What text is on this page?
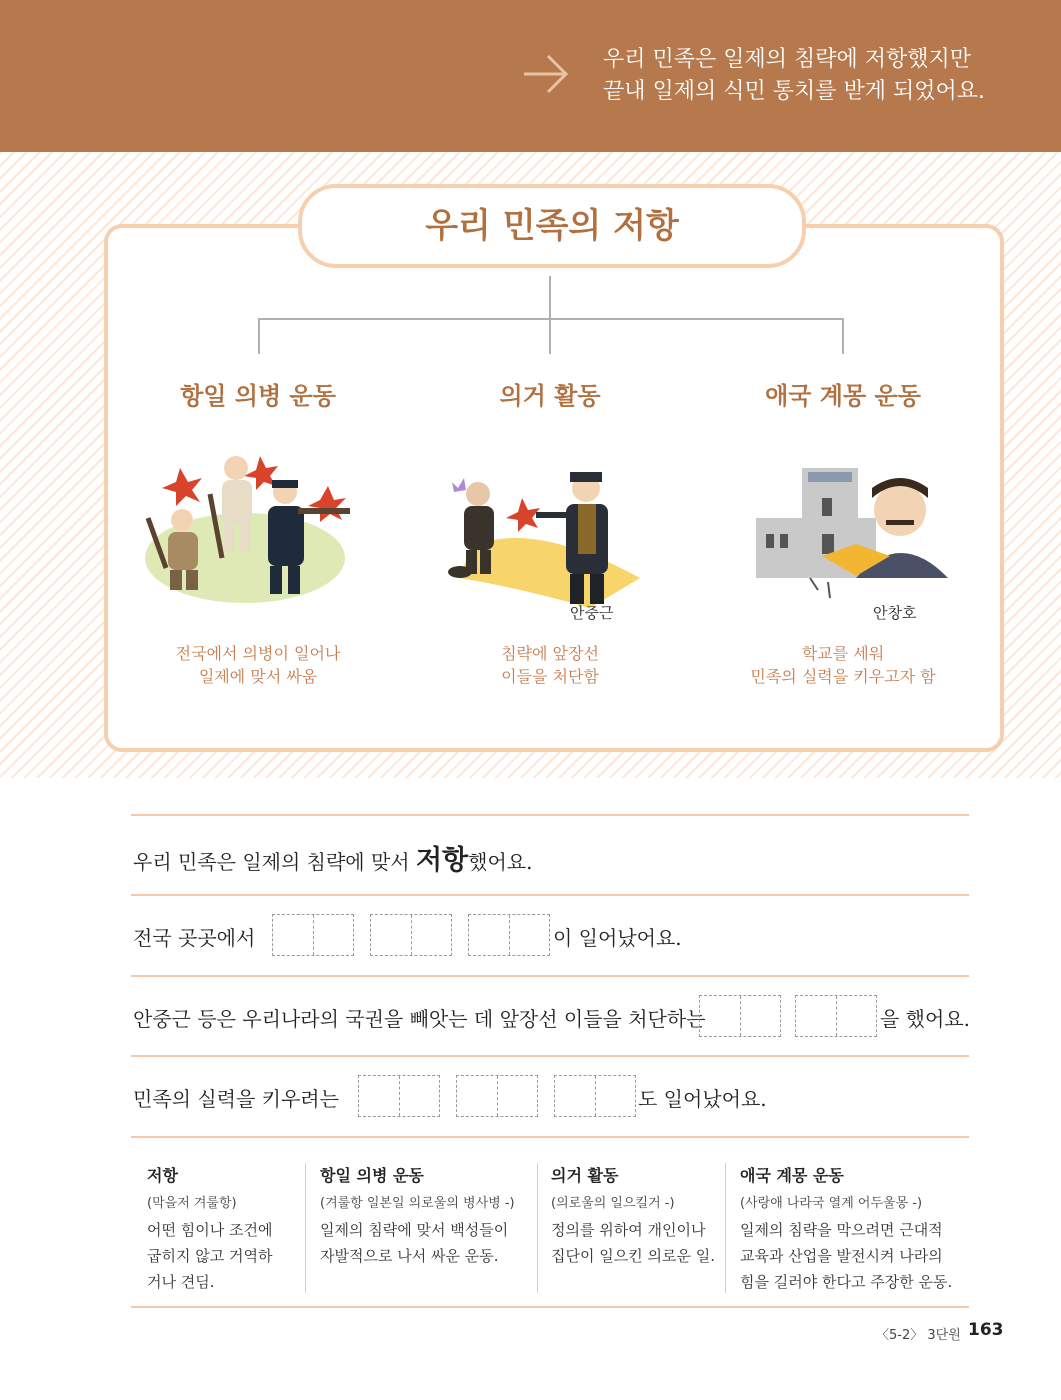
우리 민족은 일제의 침략에 저항했지만
끝내 일제의 식민 통치를 받게 되었어요.
우리 민족의 저항
항일 의병 운동	의거 활동	애국 계몽 운동
안중근	안창호
전국에서 의병이 일어나
일제에 맞서 싸움
침략에 앞장선
이들을 처단함
학교를 세워
민족의 실력을 키우고자 함
우리 민족은 일제의 침략에 맞서 저항했어요.
전국 곳곳에서	이 일어났어요.
안중근 등은 우리나라의 국권을 빼앗는 데 앞장선 이들을 처단하는	을 했어요.
민족의 실력을 키우려는	도 일어났어요.
저항
(막을저 겨룰항)
어떤 힘이나 조건에
굽히지 않고 거역하
거나 견딤.
항일 의병 운동
(겨룰항 일본일 의로울의 병사병 -)
일제의 침략에 맞서 백성들이
자발적으로 나서 싸운 운동.
의거 활동
(의로울의 일으킬거 -)
정의를 위하여 개인이나
집단이 일으킨 의로운 일.
애국 계몽 운동
(사랑애 나라국 열계 어두울몽 -)
일제의 침략을 막으려면 근대적
교육과 산업을 발전시켜 나라의
힘을 길러야 한다고 주장한 운동.
〈5-2〉 3단원 163
